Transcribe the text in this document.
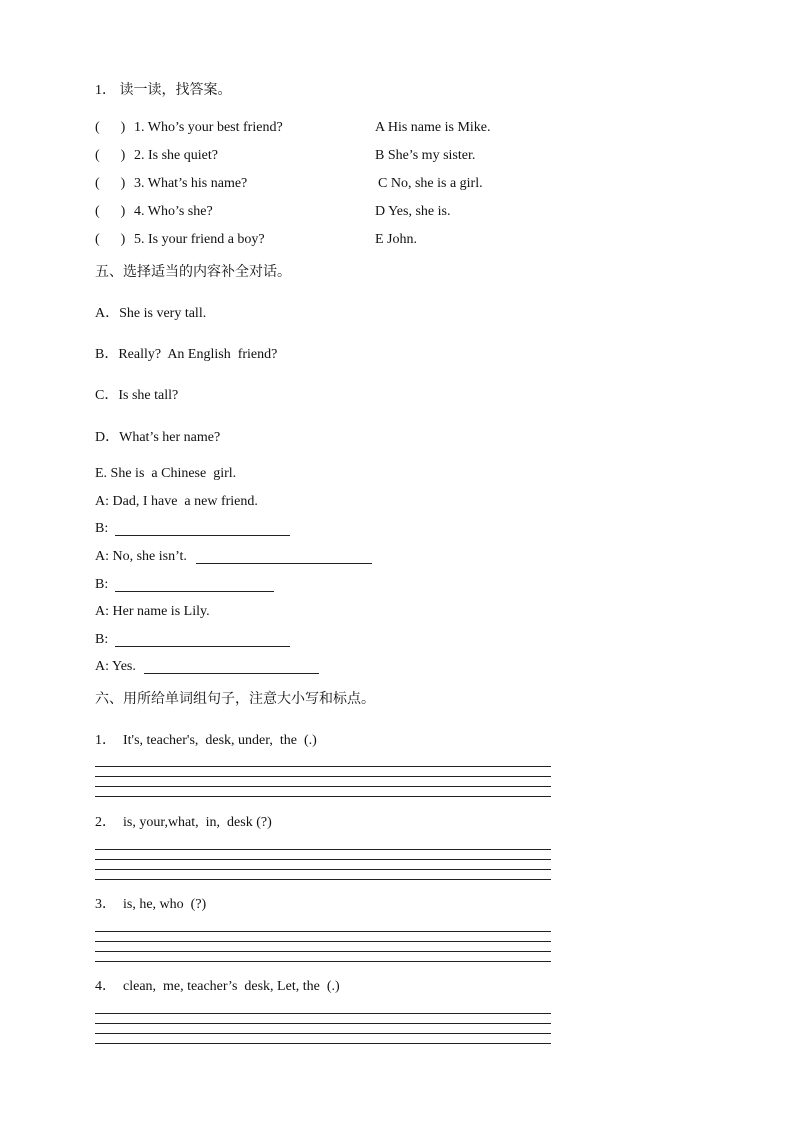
1． 读一读，找答案。
(      ) 1. Who’s your best friend?	A His name is Mike.
(      ) 2. Is she quiet?	B She’s my sister.
(      ) 3. What’s his name?	C No, she is a girl.
(      ) 4. Who’s she?	D Yes, she is.
(      ) 5. Is your friend a boy?	E John.
五、选择适当的内容补全对话。
A．She is very tall.
B．Really?  An English  friend?
C．Is she tall?
D．What’s her name?
E. She is  a Chinese  girl.
A: Dad, I have  a new friend.
B:
A: No, she isn’t.
B:
A: Her name is Lily.
B:
A: Yes.
六、用所给单词组句子，注意大小写和标点。
1．  It's, teacher's,  desk, under,  the  (.)
2．  is, your,what,  in,  desk (?)
3．  is, he, who  (?)
4．  clean,  me, teacher’s  desk, Let, the  (.)
